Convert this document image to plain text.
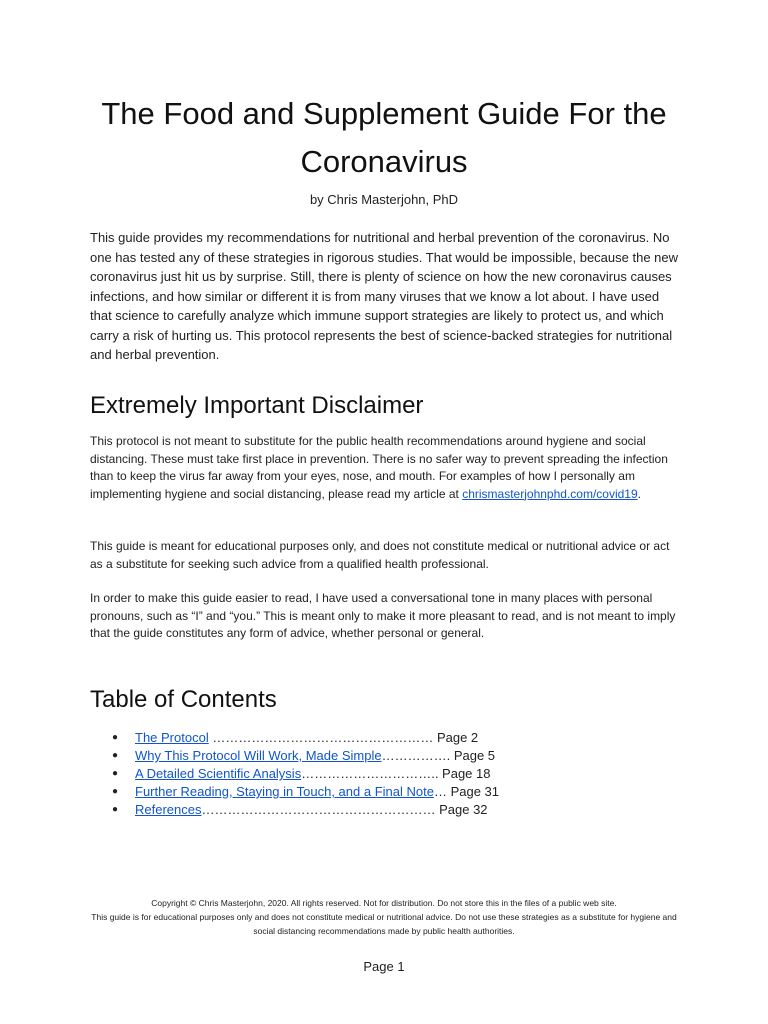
The Food and Supplement Guide For the Coronavirus

by Chris Masterjohn, PhD

This guide provides my recommendations for nutritional and herbal prevention of the coronavirus. No one has tested any of these strategies in rigorous studies. That would be impossible, because the new coronavirus just hit us by surprise. Still, there is plenty of science on how the new coronavirus causes infections, and how similar or different it is from many viruses that we know a lot about. I have used that science to carefully analyze which immune support strategies are likely to protect us, and which carry a risk of hurting us. This protocol represents the best of science-backed strategies for nutritional and herbal prevention.

Extremely Important Disclaimer

This protocol is not meant to substitute for the public health recommendations around hygiene and social distancing. These must take first place in prevention. There is no safer way to prevent spreading the infection than to keep the virus far away from your eyes, nose, and mouth. For examples of how I personally am implementing hygiene and social distancing, please read my article at chrismasterjohnphd.com/covid19.

This guide is meant for educational purposes only, and does not constitute medical or nutritional advice or act as a substitute for seeking such advice from a qualified health professional.

In order to make this guide easier to read, I have used a conversational tone in many places with personal pronouns, such as “I” and “you.” This is meant only to make it more pleasant to read, and is not meant to imply that the guide constitutes any form of advice, whether personal or general.

Table of Contents
● The Protocol …………………………………………… Page 2
● Why This Protocol Will Work, Made Simple……………. Page 5
● A Detailed Scientific Analysis………………………….. Page 18
● Further Reading, Staying in Touch, and a Final Note… Page 31
● References……………………………………………… Page 32

Copyright © Chris Masterjohn, 2020. All rights reserved. Not for distribution. Do not store this in the files of a public web site.
This guide is for educational purposes only and does not constitute medical or nutritional advice. Do not use these strategies as a substitute for hygiene and social distancing recommendations made by public health authorities.

Page 1
